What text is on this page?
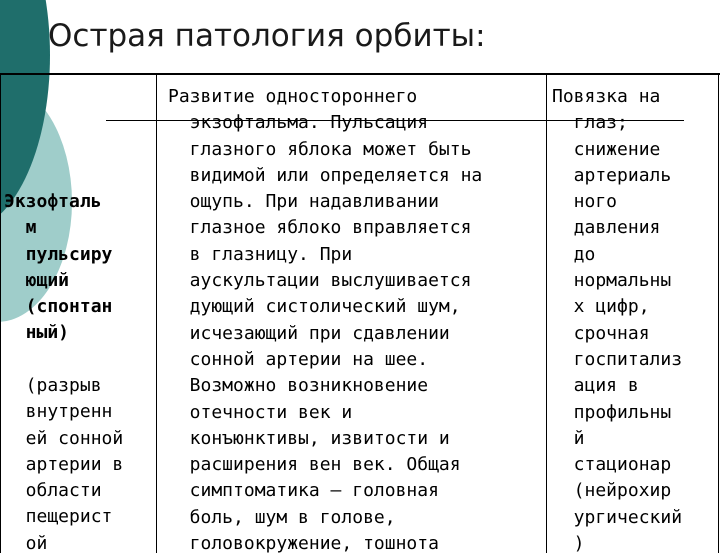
Острая патология орбиты:
Экзофталь
м
пульсиру
ющий
(спонтан
ный)
(разрыв
внутренн
ей сонной
артерии в
области
пещерист
ой
Развитие одностороннего
экзофтальма. Пульсация
глазного яблока может быть
видимой или определяется на
ощупь. При надавливании
глазное яблоко вправляется
в глазницу. При
аускультации выслушивается
дующий систолический шум,
исчезающий при сдавлении
сонной артерии на шее.
Возможно возникновение
отечности век и
конъюнктивы, извитости и
расширения вен век. Общая
симптоматика – головная
боль, шум в голове,
головокружение, тошнота
Повязка на
глаз;
снижение
артериаль
ного
давления
до
нормальны
х цифр,
срочная
госпитализ
ация в
профильны
й
стационар
(нейрохир
ургический
)
